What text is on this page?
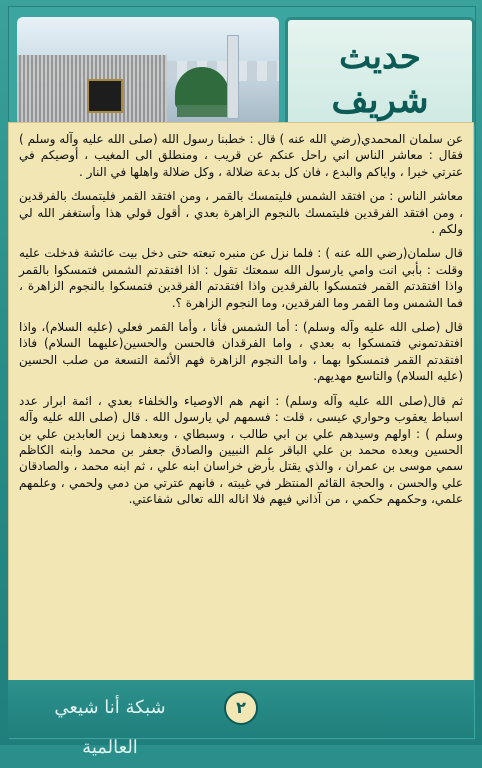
حديث
شريف

عن سلمان المحمدي(رضي الله عنه ) قال : خطبنا رسول الله (صلى الله عليه وآله وسلم ) فقال : معاشر الناس اني راحل عنكم عن قريب ، ومنطلق الى المغيب ، أوصيكم في عترتي خيرا ، واياكم والبدع ، فان كل بدعة ضلالة ، وكل ضلالة واهلها في النار .

معاشر الناس : من افتقد الشمس فليتمسك بالقمر ، ومن افتقد القمر فليتمسك بالفرقدين ، ومن افتقد الفرقدين فليتمسك بالنجوم الزاهرة بعدي ، أقول قولي هذا وأستغفر الله لي ولكم .

قال سلمان(رضي الله عنه ) : فلما نزل عن منبره تبعته حتى دخل بيت عائشة فدخلت عليه وقلت : بأبي انت وامي يارسول الله سمعتك تقول : اذا افتقدتم الشمس فتمسكوا بالقمر واذا افتقدتم القمر فتمسكوا بالفرقدين واذا افتقدتم الفرقدين فتمسكوا بالنجوم الزاهرة ، فما الشمس وما القمر وما الفرقدين، وما النجوم الزاهرة ؟.

قال (صلى الله عليه وآله وسلم) : أما الشمس فأنا ، وأما القمر فعلي (عليه السلام)، واذا افتقدتموني فتمسكوا به بعدي ، واما الفرقدان فالحسن والحسين(عليهما السلام) فاذا افتقدتم القمر فتمسكوا بهما ، واما النجوم الزاهرة فهم الأئمة التسعة من صلب الحسين (عليه السلام) والتاسع مهديهم.

ثم قال(صلى الله عليه وآله وسلم) : انهم هم الاوصياء والخلفاء بعدي ، ائمة ابرار عدد اسباط يعقوب وحواري عيسى ، قلت : فسمهم لي يارسول الله . قال (صلى الله عليه وآله وسلم ) : اولهم وسيدهم علي بن ابي طالب ، وسبطاي ، وبعدهما زين العابدين علي بن الحسين وبعده محمد بن علي الباقر علم النبيين والصادق جعفر بن محمد وابنه الكاظم سمي موسى بن عمران ، والذي يقتل بأرض خراسان ابنه علي ، ثم ابنه محمد ، والصادقان علي والحسن ، والحجة القائم المنتظر في غيبته ، فانهم عترتي من دمي ولحمي ، وعلمهم علمي، وحكمهم حكمي ، من آذاني فيهم فلا اناله الله تعالى شفاعتي.

شبكة أنا شيعي العالمية
٢
